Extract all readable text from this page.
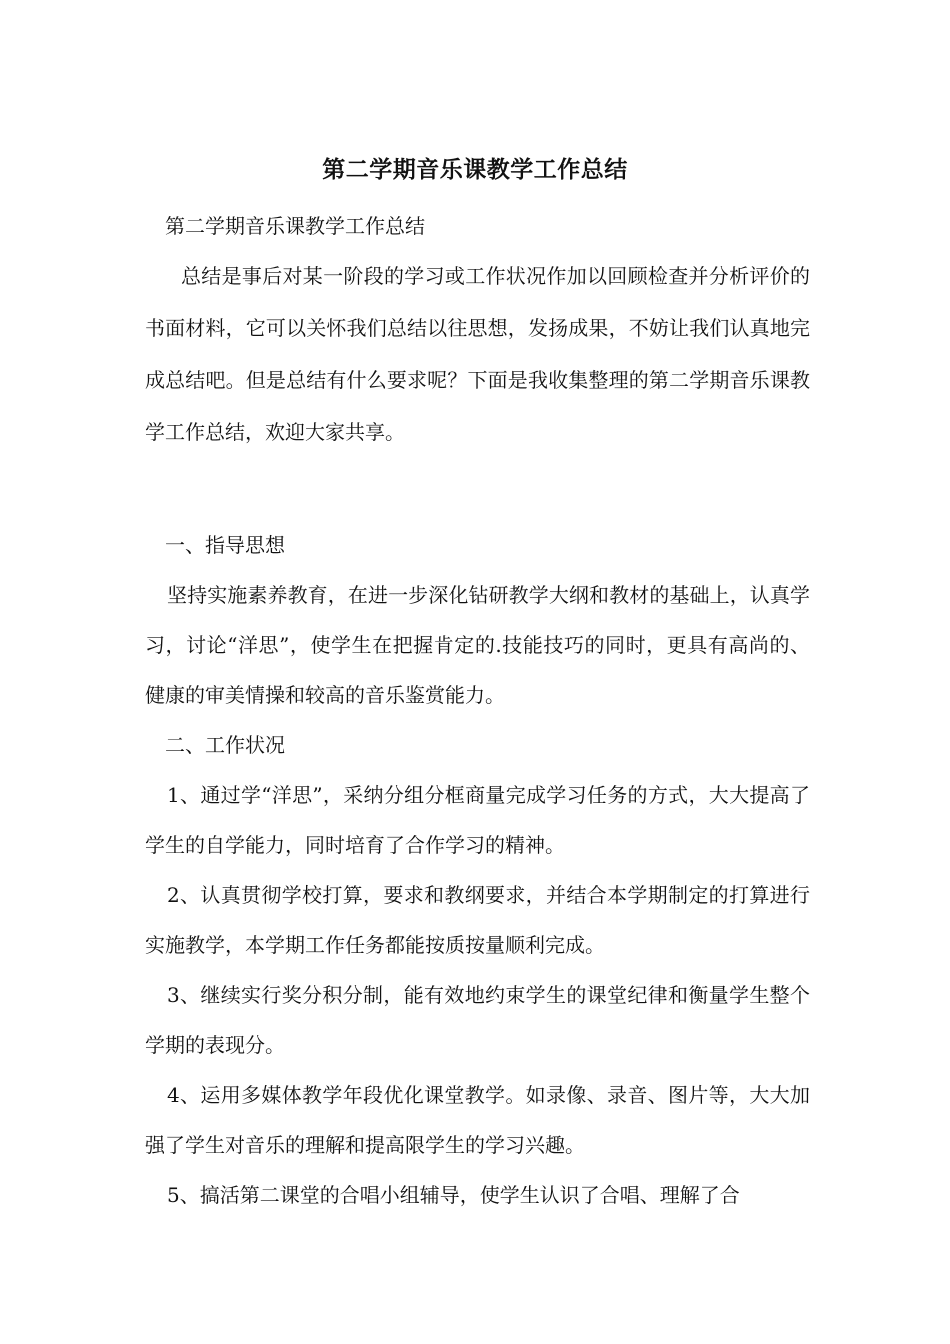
第二学期音乐课教学工作总结

第二学期音乐课教学工作总结

总结是事后对某一阶段的学习或工作状况作加以回顾检查并分析评价的书面材料，它可以关怀我们总结以往思想，发扬成果，不妨让我们认真地完成总结吧。但是总结有什么要求呢？下面是我收集整理的第二学期音乐课教学工作总结，欢迎大家共享。

一、指导思想

坚持实施素养教育，在进一步深化钻研教学大纲和教材的基础上，认真学习，讨论“洋思”，使学生在把握肯定的.技能技巧的同时，更具有高尚的、健康的审美情操和较高的音乐鉴赏能力。

二、工作状况

1、通过学“洋思”，采纳分组分框商量完成学习任务的方式，大大提高了学生的自学能力，同时培育了合作学习的精神。

2、认真贯彻学校打算，要求和教纲要求，并结合本学期制定的打算进行实施教学，本学期工作任务都能按质按量顺利完成。

3、继续实行奖分积分制，能有效地约束学生的课堂纪律和衡量学生整个学期的表现分。

4、运用多媒体教学年段优化课堂教学。如录像、录音、图片等，大大加强了学生对音乐的理解和提高限学生的学习兴趣。

5、搞活第二课堂的合唱小组辅导，使学生认识了合唱、理解了合
